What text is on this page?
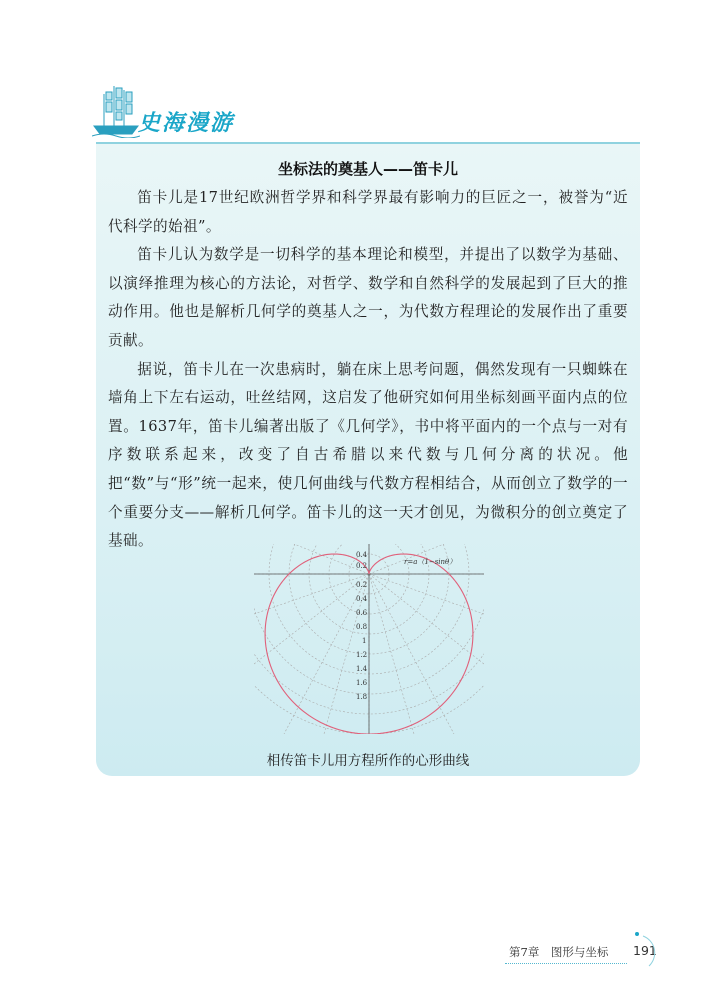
史海漫游
坐标法的奠基人——笛卡儿

笛卡儿是17世纪欧洲哲学界和科学界最有影响力的巨匠之一，被誉为“近代科学的始祖”。

笛卡儿认为数学是一切科学的基本理论和模型，并提出了以数学为基础、以演绎推理为核心的方法论，对哲学、数学和自然科学的发展起到了巨大的推动作用。他也是解析几何学的奠基人之一，为代数方程理论的发展作出了重要贡献。

据说，笛卡儿在一次患病时，躺在床上思考问题，偶然发现有一只蜘蛛在墙角上下左右运动，吐丝结网，这启发了他研究如何用坐标刻画平面内点的位置。1637年，笛卡儿编著出版了《几何学》，书中将平面内的一个点与一对有序数联系起来，改变了自古希腊以来代数与几何分离的状况。他把“数”与“形”统一起来，使几何曲线与代数方程相结合，从而创立了数学的一个重要分支——解析几何学。笛卡儿的这一天才创见，为微积分的创立奠定了基础。

0.4
0.2
0.2
0.4
0.6
0.8
1
1.2
1.4
1.6
1.8
r=a（1−sinθ）
相传笛卡儿用方程所作的心形曲线
第7章　图形与坐标 191
